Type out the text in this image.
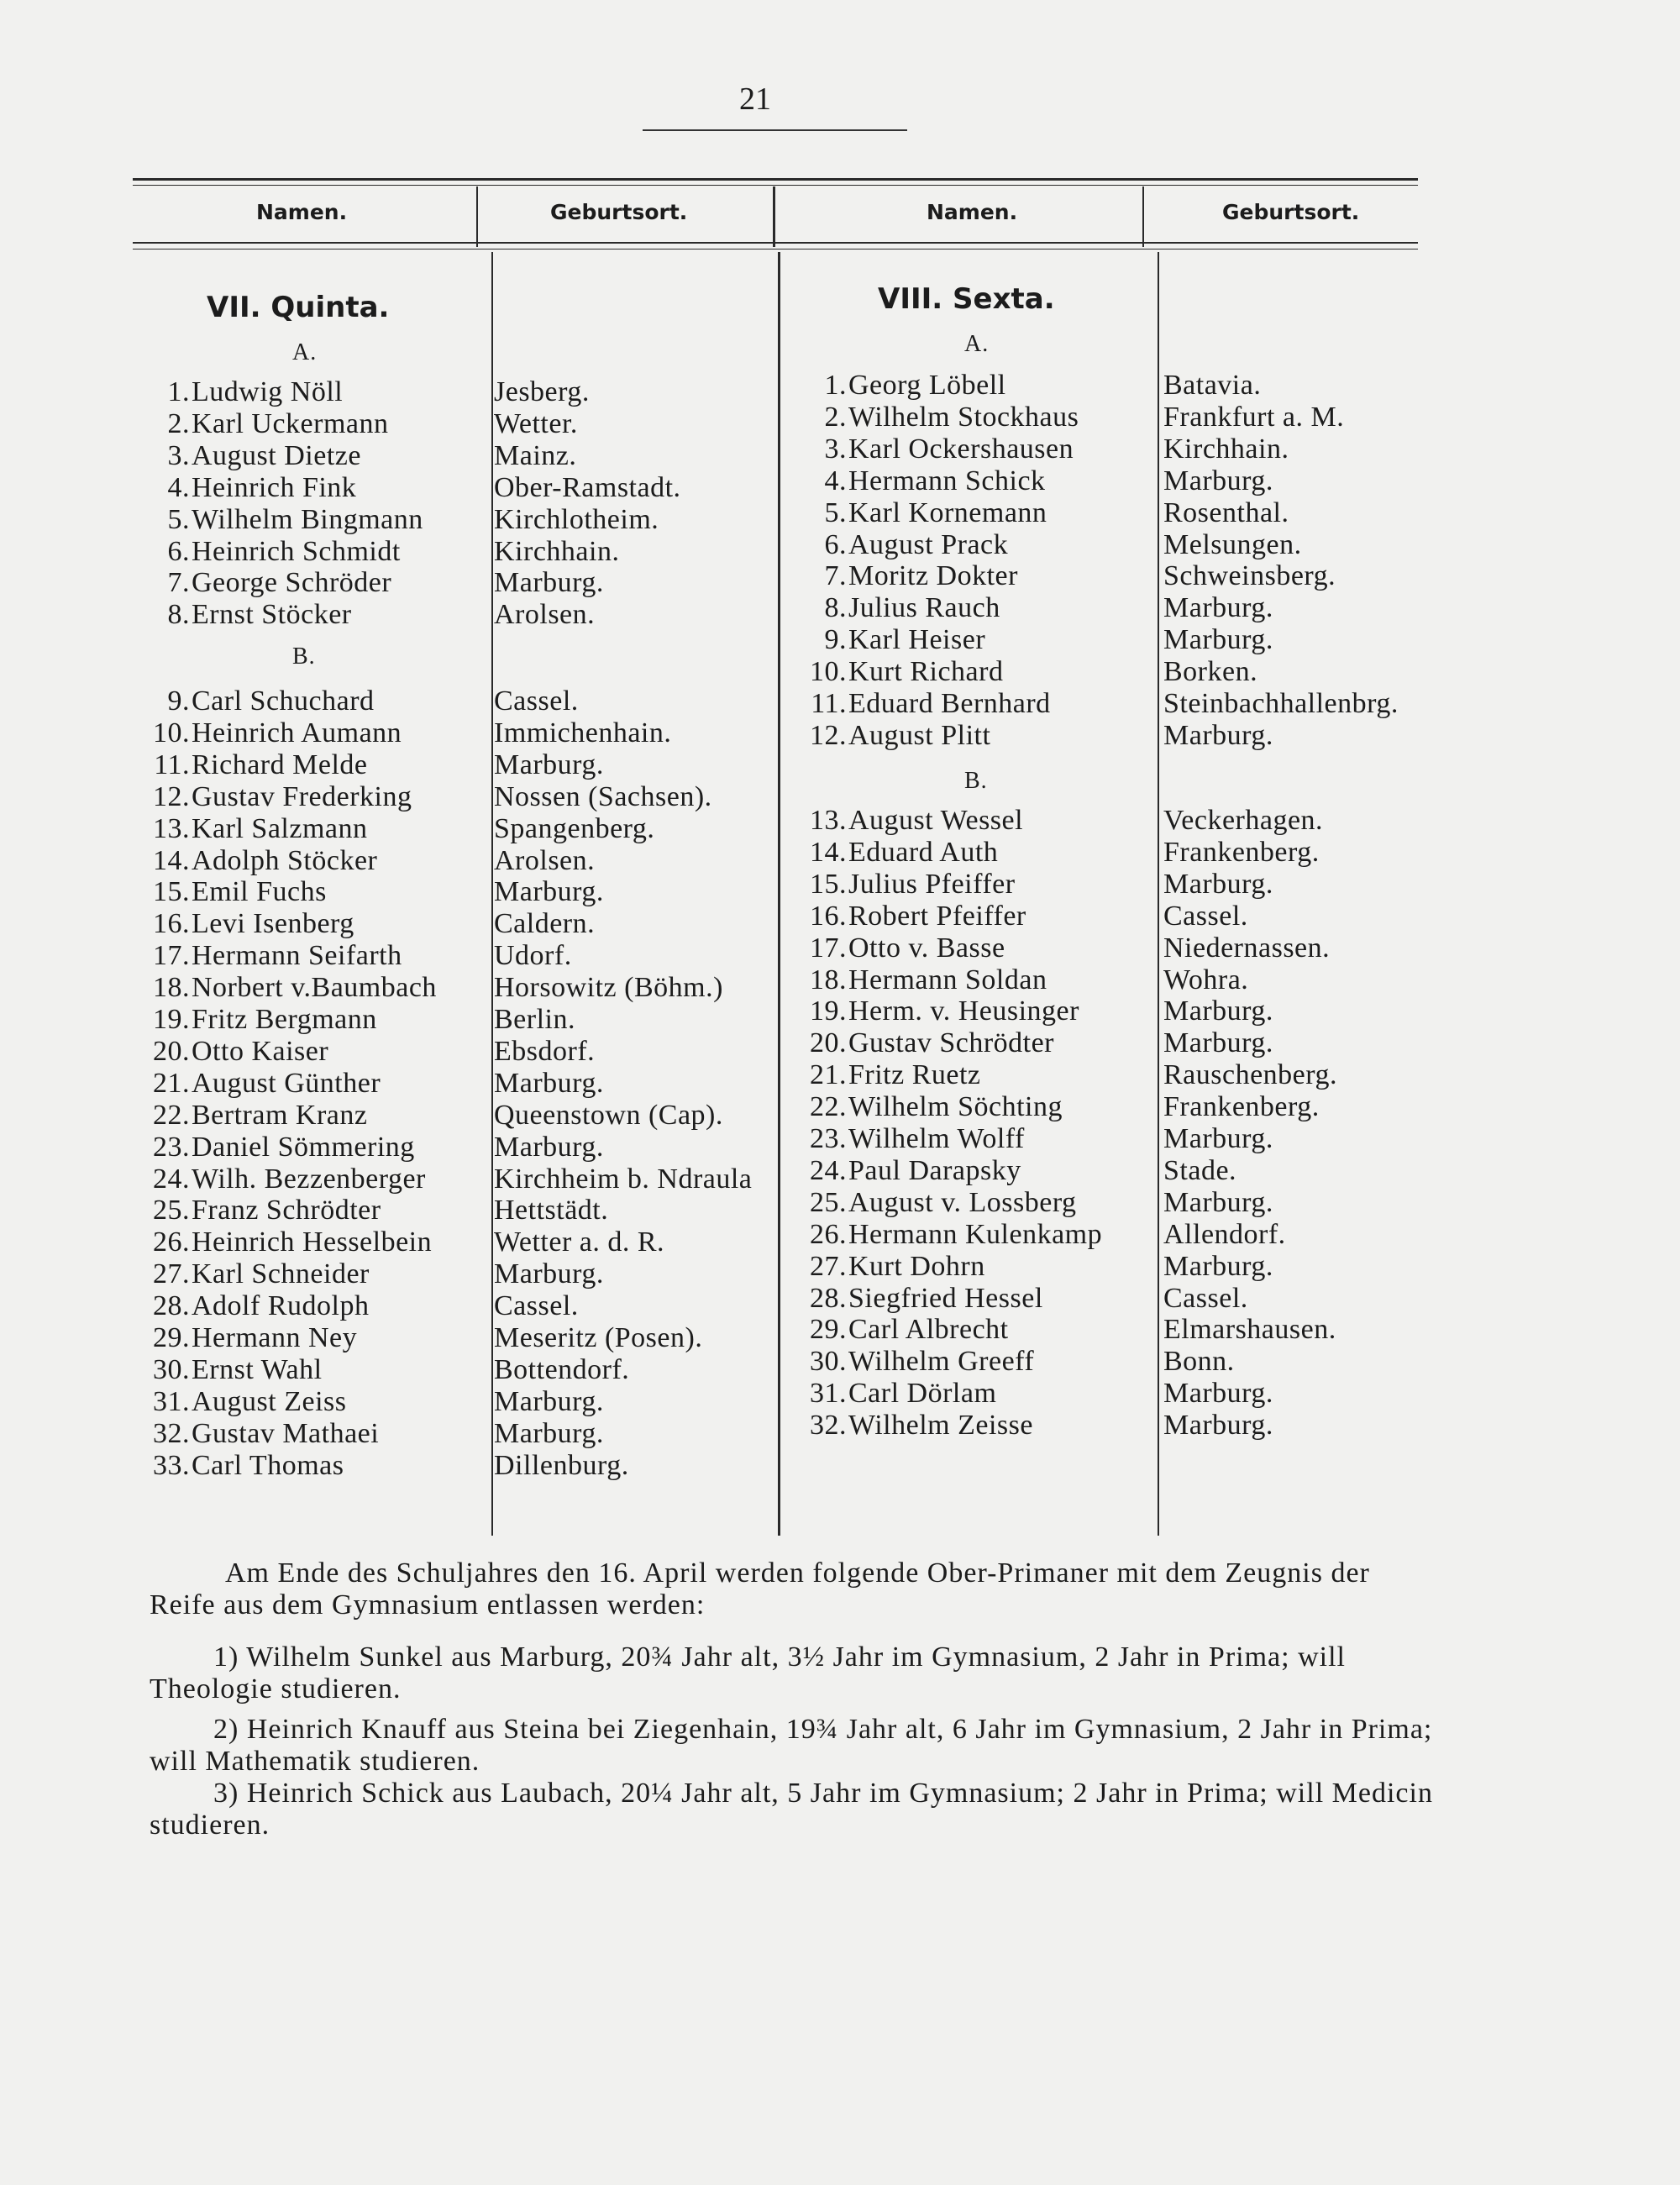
21
Namen.	Geburtsort.	Namen.	Geburtsort.
VII. Quinta.	VIII. Sexta.
A.
1. Ludwig Nöll	Jesberg.
2. Karl Uckermann	Wetter.
3. August Dietze	Mainz.
4. Heinrich Fink	Ober-Ramstadt.
5. Wilhelm Bingmann Kirchlotheim.
6. Heinrich Schmidt	Kirchhain.
7. George Schröder	Marburg.
8. Ernst Stöcker	Arolsen.
B.
9. Carl Schuchard	Cassel.
10. Heinrich Aumann	Immichenhain.
11. Richard Melde	Marburg.
12. Gustav Frederking	Nossen (Sachsen).
13. Karl Salzmann	Spangenberg.
14. Adolph Stöcker	Arolsen.
15. Emil Fuchs	Marburg.
16. Levi Isenberg	Caldern.
17. Hermann Seifarth	Udorf.
18. Norbert v.Baumbach Horsowitz (Böhm.)
19. Fritz Bergmann	Berlin.
20. Otto Kaiser	Ebsdorf.
21. August Günther	Marburg.
22. Bertram Kranz	Queenstown (Cap).
23. Daniel Sömmering	Marburg.
24. Wilh. Bezzenberger Kirchheim b. Ndraula
25. Franz Schrödter	Hettstädt.
26. Heinrich Hesselbein Wetter a. d. R.
27. Karl Schneider	Marburg.
28. Adolf Rudolph	Cassel.
29. Hermann Ney	Meseritz (Posen).
30. Ernst Wahl	Bottendorf.
31. August Zeiss	Marburg.
32. Gustav Mathaei	Marburg.
33. Carl Thomas	Dillenburg.
A.
1. Georg Löbell	Batavia.
2. Wilhelm Stockhaus	Frankfurt a. M.
3. Karl Ockershausen	Kirchhain.
4. Hermann Schick	Marburg.
5. Karl Kornemann	Rosenthal.
6. August Prack	Melsungen.
7. Moritz Dokter	Schweinsberg.
8. Julius Rauch	Marburg.
9. Karl Heiser	Marburg.
10. Kurt Richard	Borken.
11. Eduard Bernhard	Steinbachhallenbrg.
12. August Plitt	Marburg.
B.
13. August Wessel	Veckerhagen.
14. Eduard Auth	Frankenberg.
15. Julius Pfeiffer	Marburg.
16. Robert Pfeiffer	Cassel.
17. Otto v. Basse	Niedernassen.
18. Hermann Soldan	Wohra.
19. Herm. v. Heusinger	Marburg.
20. Gustav Schrödter	Marburg.
21. Fritz Ruetz	Rauschenberg.
22. Wilhelm Söchting	Frankenberg.
23. Wilhelm Wolff	Marburg.
24. Paul Darapsky	Stade.
25. August v. Lossberg	Marburg.
26. Hermann Kulenkamp Allendorf.
27. Kurt Dohrn	Marburg.
28. Siegfried Hessel	Cassel.
29. Carl Albrecht	Elmarshausen.
30. Wilhelm Greeff	Bonn.
31. Carl Dörlam	Marburg.
32. Wilhelm Zeisse	Marburg.
Am Ende des Schuljahres den 16. April werden folgende Ober-Primaner mit dem Zeugnis der Reife aus dem Gymnasium entlassen werden:
1) Wilhelm Sunkel aus Marburg, 20¾ Jahr alt, 3½ Jahr im Gymnasium, 2 Jahr in Prima; will Theologie studieren.
2) Heinrich Knauff aus Steina bei Ziegenhain, 19¾ Jahr alt, 6 Jahr im Gymnasium, 2 Jahr in Prima; will Mathematik studieren.
3) Heinrich Schick aus Laubach, 20¼ Jahr alt, 5 Jahr im Gymnasium; 2 Jahr in Prima; will Medicin studieren.
